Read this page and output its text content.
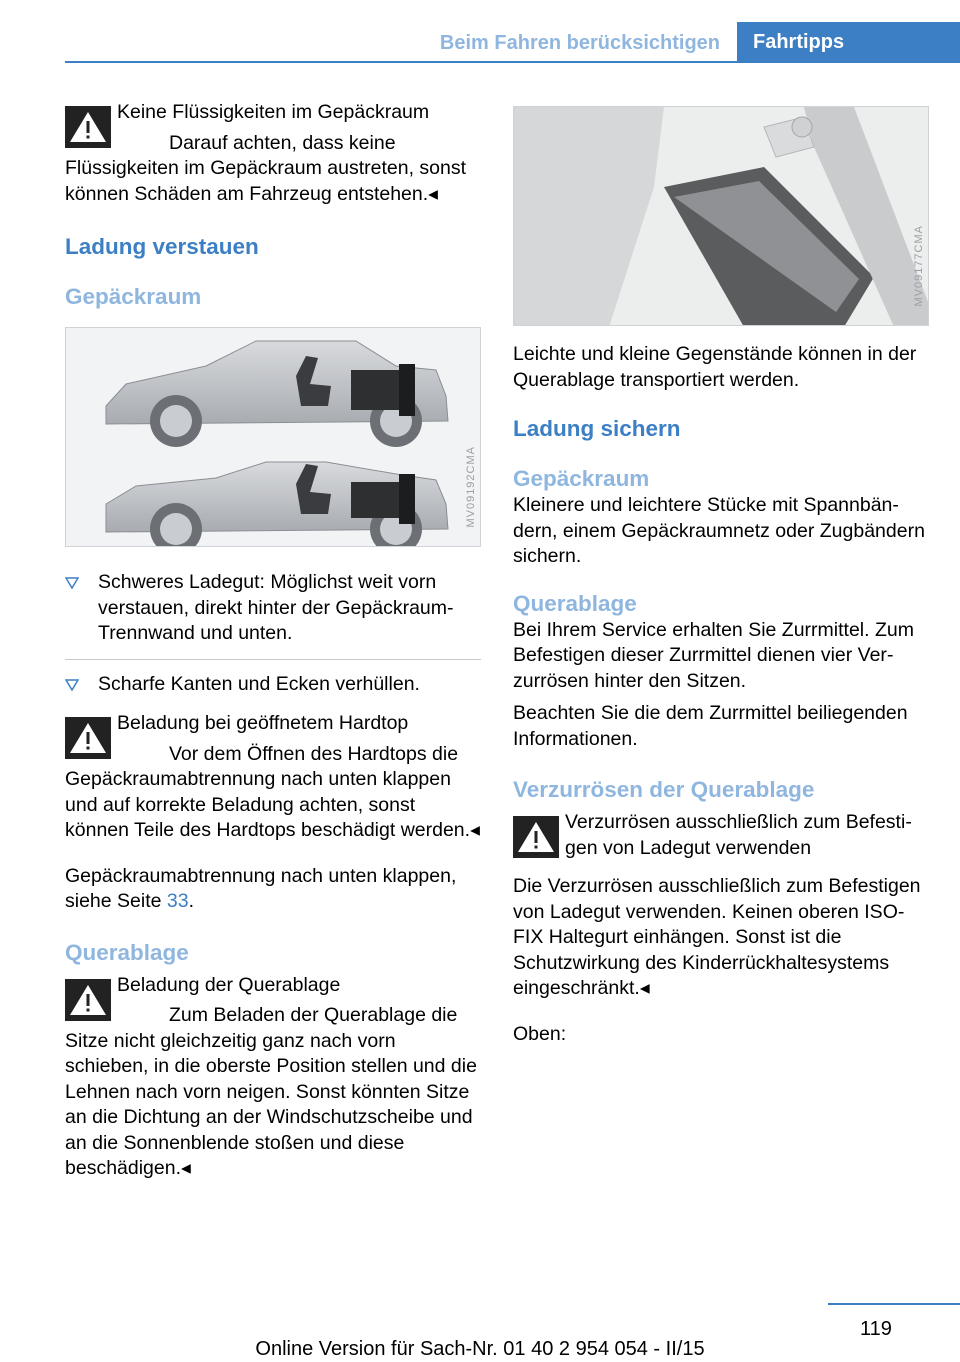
Beim Fahren berücksichtigen	Fahrtipps
Keine Flüssigkeiten im Gepäckraum

Darauf achten, dass keine Flüssigkeiten im Gepäckraum austreten, sonst können Schäden am Fahrzeug entstehen.◂

Ladung verstauen
Gepäckraum
MV09192CMA
Schweres Ladegut: Möglichst weit vorn verstauen, direkt hinter der Gepäckraum-Trennwand und unten.
Scharfe Kanten und Ecken verhüllen.
Beladung bei geöffnetem Hardtop

Vor dem Öffnen des Hardtops die Gepäckraumabtrennung nach unten klappen und auf korrekte Beladung achten, sonst können Teile des Hardtops beschädigt werden.◂

Gepäckraumabtrennung nach unten klappen, siehe Seite 33.

Querablage
Beladung der Querablage

Zum Beladen der Querablage die Sitze nicht gleichzeitig ganz nach vorn schieben, in die oberste Position stellen und die Lehnen nach vorn neigen. Sonst könnten Sitze an die Dichtung an der Windschutzscheibe und an die Sonnenblende stoßen und diese beschädigen.◂

MV09177CMA

Leichte und kleine Gegenstände können in der Querablage transportiert werden.

Ladung sichern
Gepäckraum

Kleinere und leichtere Stücke mit Spannbändern, einem Gepäckraumnetz oder Zugbändern sichern.

Querablage

Bei Ihrem Service erhalten Sie Zurrmittel. Zum Befestigen dieser Zurrmittel dienen vier Verzurrösen hinter den Sitzen.

Beachten Sie die dem Zurrmittel beiliegenden Informationen.

Verzurrösen der Querablage
Verzurrösen ausschließlich zum Befestigen von Ladegut verwenden

Die Verzurrösen ausschließlich zum Befestigen von Ladegut verwenden. Keinen oberen ISO-FIX Haltegurt einhängen. Sonst ist die Schutzwirkung des Kinderrückhaltesystems eingeschränkt.◂

Oben:

119
Online Version für Sach-Nr. 01 40 2 954 054 - II/15
